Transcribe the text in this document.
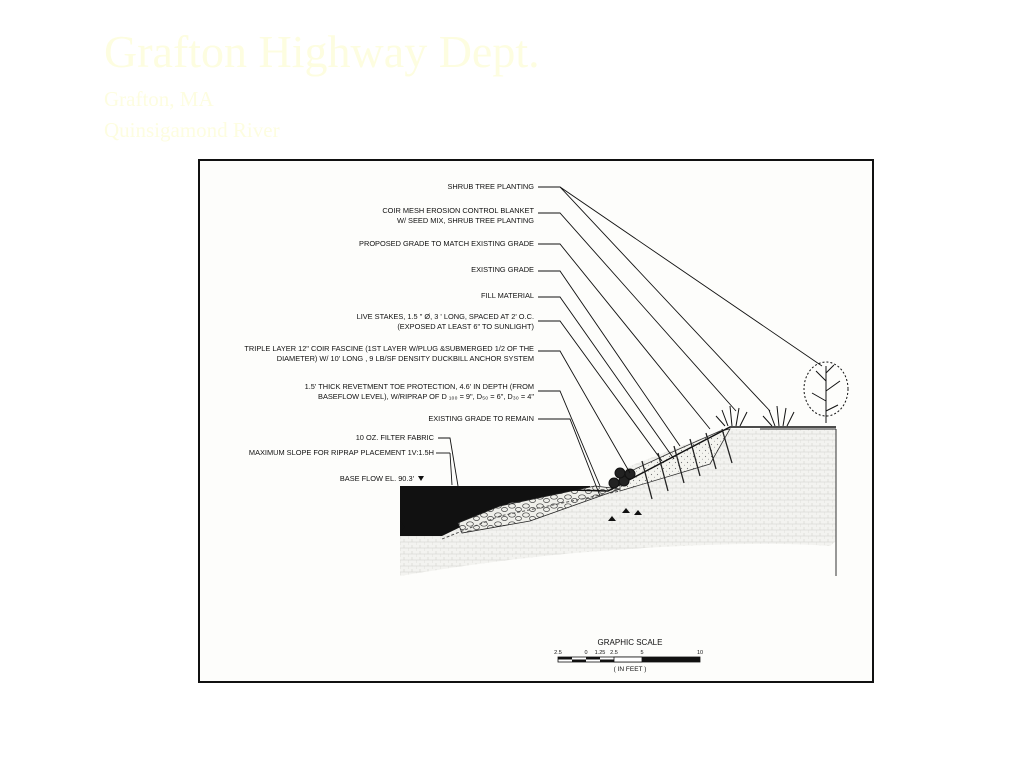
Grafton Highway Dept.
Grafton, MA
Quinsigamond River
SHRUB TREE PLANTING
COIR MESH EROSION CONTROL BLANKET W/ SEED MIX, SHRUB TREE PLANTING
PROPOSED GRADE TO MATCH EXISTING GRADE
EXISTING GRADE
FILL MATERIAL
LIVE STAKES, 1.5 " Ø, 3 ' LONG, SPACED AT 2' O.C. (EXPOSED AT LEAST 6" TO SUNLIGHT)
TRIPLE LAYER 12" COIR FASCINE (1ST LAYER W/PLUG &SUBMERGED 1/2 OF THE DIAMETER) W/ 10' LONG , 9 LB/SF DENSITY DUCKBILL ANCHOR SYSTEM
1.5' THICK REVETMENT TOE PROTECTION, 4.6' IN DEPTH (FROM BASEFLOW LEVEL), W/RIPRAP OF D ₁₀₀ = 9", D₅₀ = 6", D₃₀ = 4"
EXISTING GRADE TO REMAIN
10 OZ. FILTER FABRIC
MAXIMUM SLOPE FOR RIPRAP PLACEMENT 1V:1.5H
BASE FLOW EL. 90.3'
GRAPHIC SCALE
2.5	0 1.25 2.5	5	10
( IN FEET )
